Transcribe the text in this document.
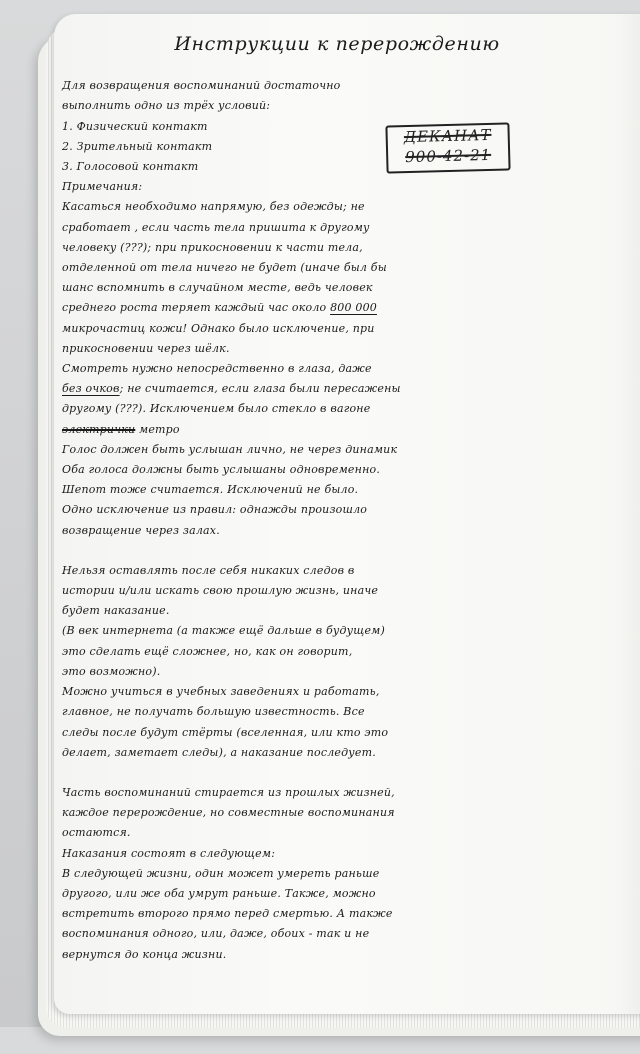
Инструкции к перерождению
Для возвращения воспоминаний достаточно
выполнить одно из трёх условий:
1. Физический контакт
2. Зрительный контакт
3. Голосовой контакт
Примечания:
Касаться необходимо напрямую, без одежды; не
сработает , если часть тела пришита к другому
человеку (???); при прикосновении к части тела,
отделенной от тела ничего не будет (иначе был бы
шанс вспомнить в случайном месте, ведь человек
среднего роста теряет каждый час около 800 000
микрочастиц кожи! Однако было исключение, при
прикосновении через шёлк.
Смотреть нужно непосредственно в глаза, даже
без очков; не считается, если глаза были пересажены
другому (???). Исключением было стекло в вагоне
электрички метро
Голос должен быть услышан лично, не через динамик
Оба голоса должны быть услышаны одновременно.
Шепот тоже считается. Исключений не было.
Одно исключение из правил: однажды произошло
возвращение через залах.
Нельзя оставлять после себя никаких следов в
истории и/или искать свою прошлую жизнь, иначе
будет наказание.
(В век интернета (а также ещё дальше в будущем)
это сделать ещё сложнее, но, как он говорит,
это возможно).
Можно учиться в учебных заведениях и работать,
главное, не получать большую известность. Все
следы после будут стёрты (вселенная, или кто это
делает, заметает следы), а наказание последует.
Часть воспоминаний стирается из прошлых жизней,
каждое перерождение, но совместные воспоминания
остаются.
Наказания состоят в следующем:
В следующей жизни, один может умереть раньше
другого, или же оба умрут раньше. Также, можно
встретить второго прямо перед смертью. А также
воспоминания одного, или, даже, обоих - так и не
вернутся до конца жизни.
ДЕКАНАТ
900-42-21
